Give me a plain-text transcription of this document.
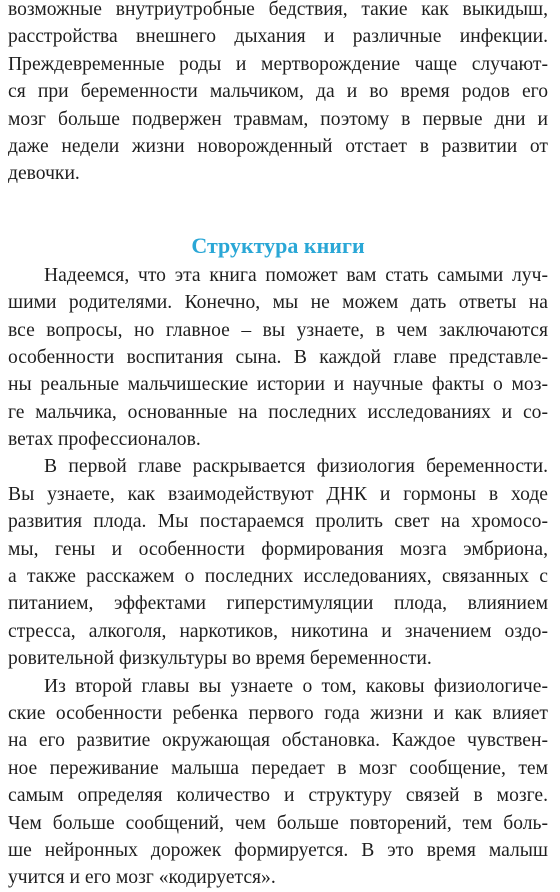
возможные внутриутробные бедствия, такие как выкидыш,
расстройства внешнего дыхания и различные инфекции.
Преждевременные роды и мертворождение чаще случают-
ся при беременности мальчиком, да и во время родов его
мозг больше подвержен травмам, поэтому в первые дни и
даже недели жизни новорожденный отстает в развитии от
девочки.
Структура книги
Надеемся, что эта книга поможет вам стать самыми луч-
шими родителями. Конечно, мы не можем дать ответы на
все вопросы, но главное – вы узнаете, в чем заключаются
особенности воспитания сына. В каждой главе представле-
ны реальные мальчишеские истории и научные факты о моз-
ге мальчика, основанные на последних исследованиях и со-
ветах профессионалов.
В первой главе раскрывается физиология беременности.
Вы узнаете, как взаимодействуют ДНК и гормоны в ходе
развития плода. Мы постараемся пролить свет на хромосо-
мы, гены и особенности формирования мозга эмбриона,
а также расскажем о последних исследованиях, связанных с
питанием, эффектами гиперстимуляции плода, влиянием
стресса, алкоголя, наркотиков, никотина и значением оздо-
ровительной физкультуры во время беременности.
Из второй главы вы узнаете о том, каковы физиологиче-
ские особенности ребенка первого года жизни и как влияет
на его развитие окружающая обстановка. Каждое чувствен-
ное переживание малыша передает в мозг сообщение, тем
самым определяя количество и структуру связей в мозге.
Чем больше сообщений, чем больше повторений, тем боль-
ше нейронных дорожек формируется. В это время малыш
учится и его мозг «кодируется».
